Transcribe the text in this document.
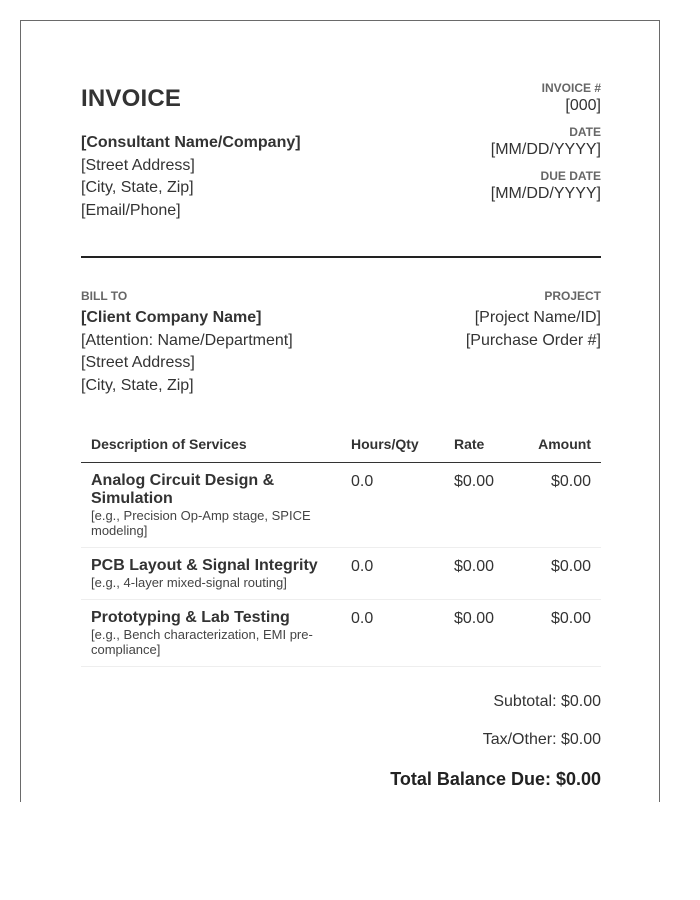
INVOICE
[Consultant Name/Company]
[Street Address]
[City, State, Zip]
[Email/Phone]
INVOICE #
[000]
DATE
[MM/DD/YYYY]
DUE DATE
[MM/DD/YYYY]
BILL TO
[Client Company Name]
[Attention: Name/Department]
[Street Address]
[City, State, Zip]
PROJECT
[Project Name/ID]
[Purchase Order #]
Description of Services	Hours/Qty	Rate	Amount
Analog Circuit Design & Simulation
[e.g., Precision Op-Amp stage, SPICE modeling]
0.0	$0.00	$0.00
PCB Layout & Signal Integrity
[e.g., 4-layer mixed-signal routing]
0.0	$0.00	$0.00
Prototyping & Lab Testing
[e.g., Bench characterization, EMI pre-compliance]
0.0	$0.00	$0.00
Subtotal: $0.00
Tax/Other: $0.00
Total Balance Due: $0.00
